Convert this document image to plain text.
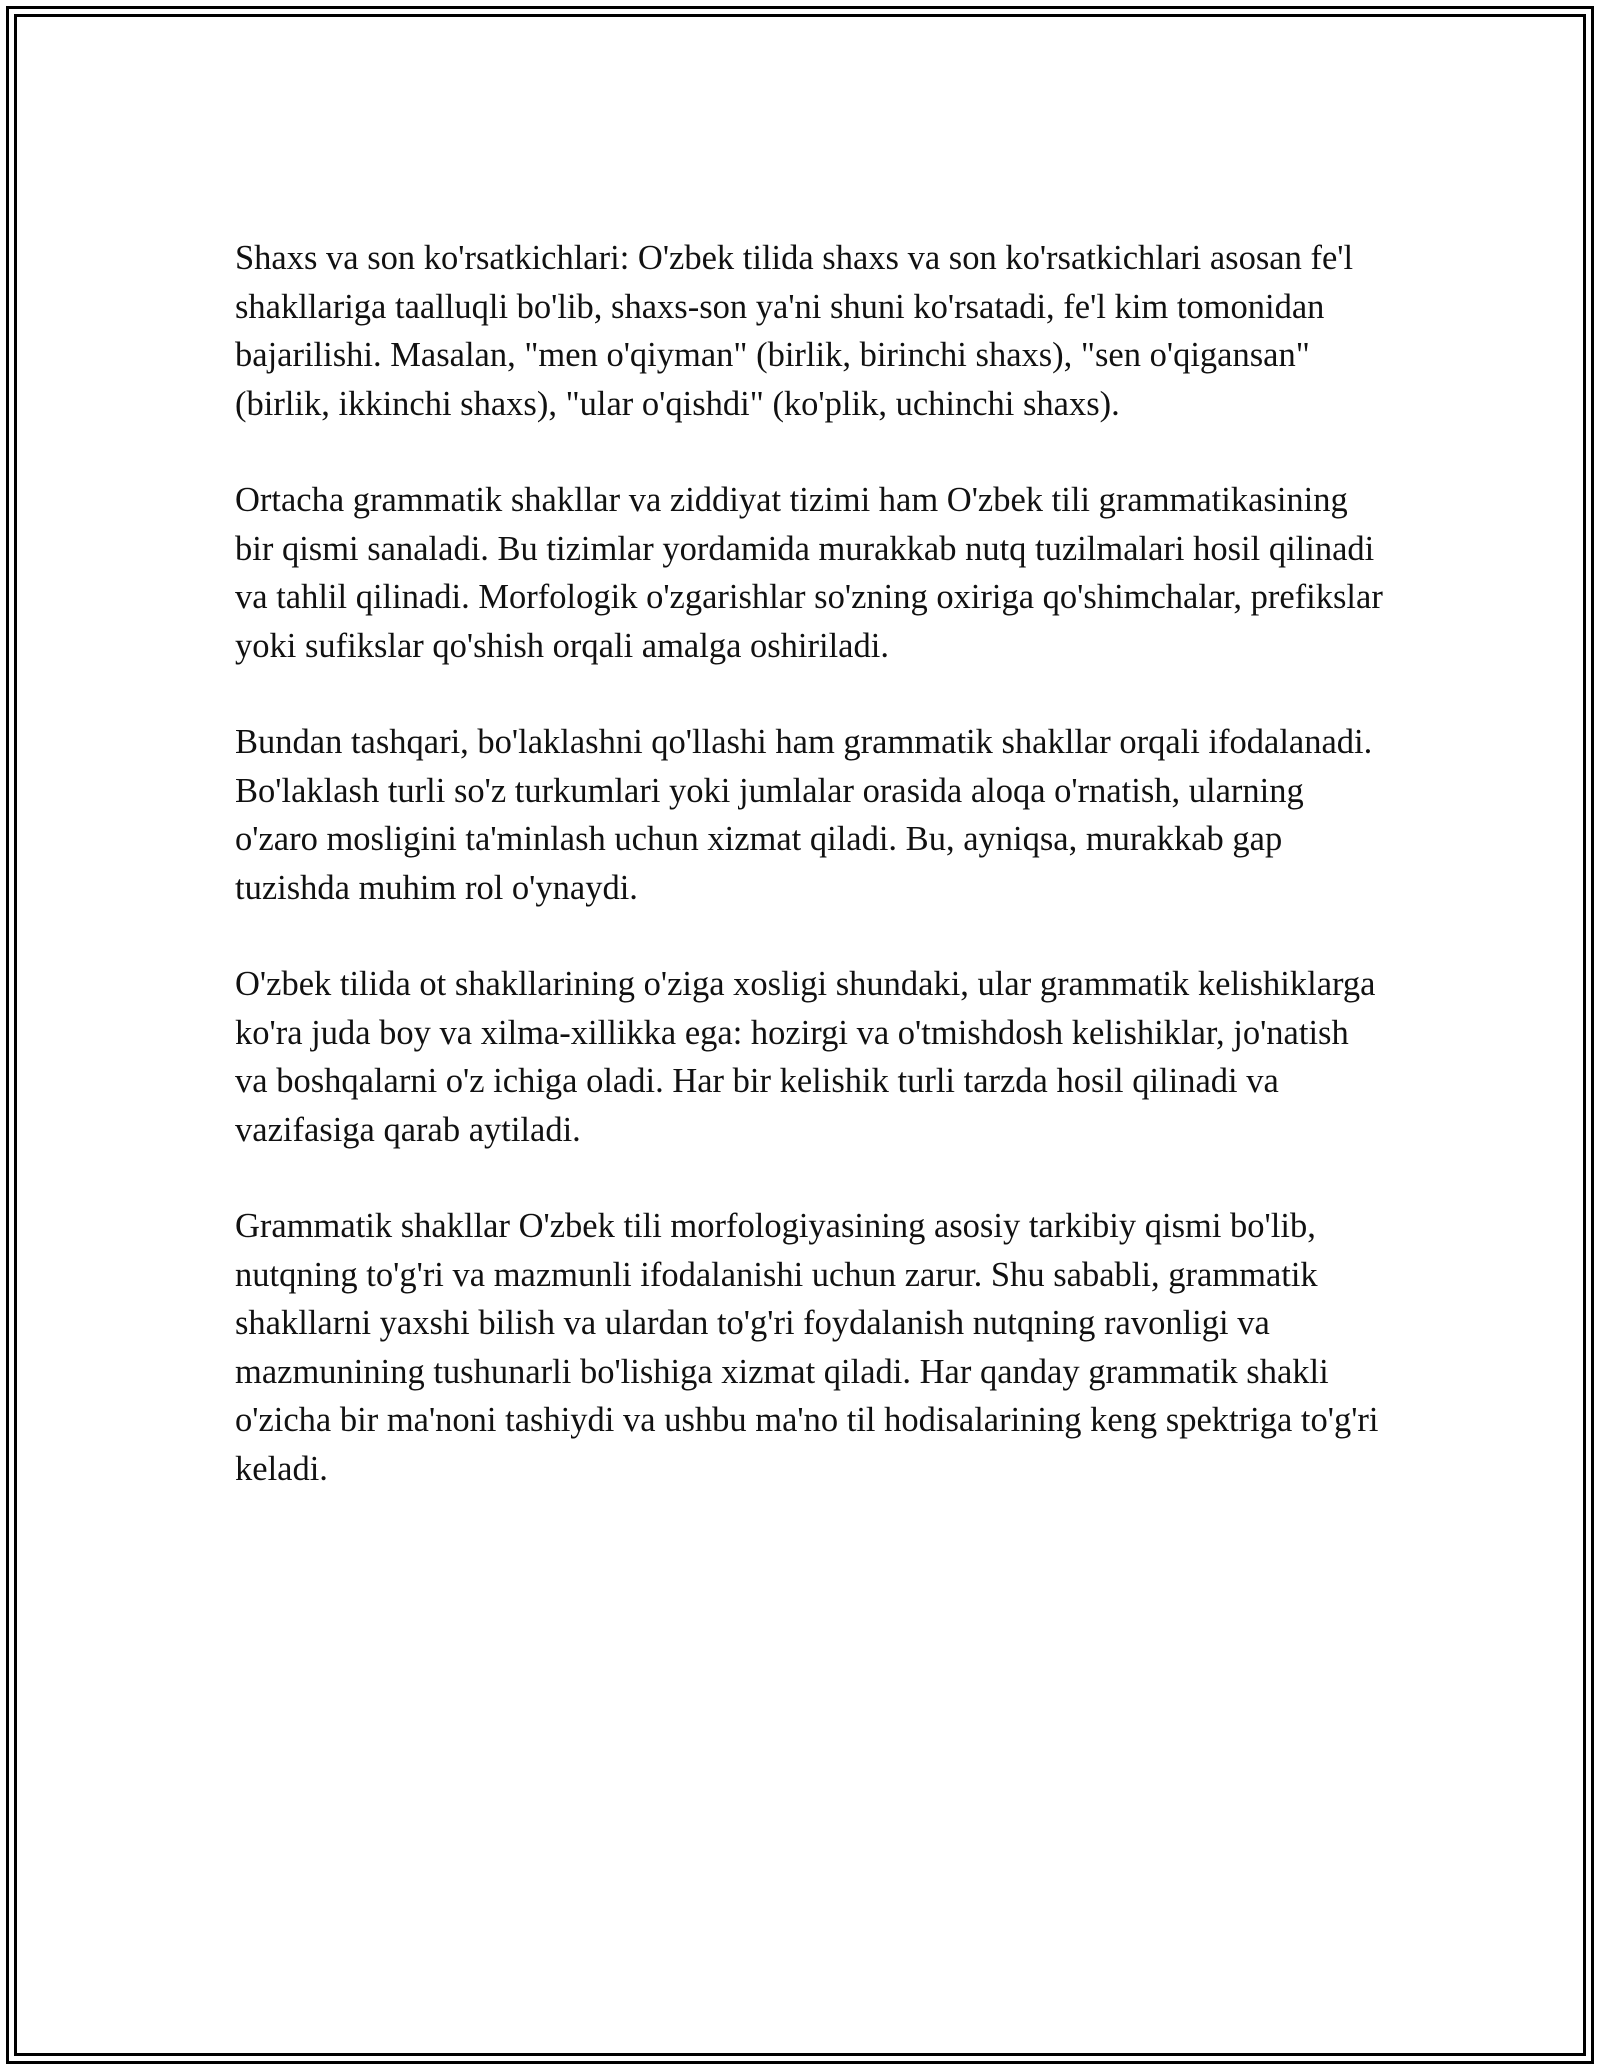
Shaxs va son ko'rsatkichlari: O'zbek tilida shaxs va son ko'rsatkichlari asosan fe'l shakllariga taalluqli bo'lib, shaxs-son ya'ni shuni ko'rsatadi, fe'l kim tomonidan bajarilishi. Masalan, "men o'qiyman" (birlik, birinchi shaxs), "sen o'qigansan" (birlik, ikkinchi shaxs), "ular o'qishdi" (ko'plik, uchinchi shaxs).

Ortacha grammatik shakllar va ziddiyat tizimi ham O'zbek tili grammatikasining bir qismi sanaladi. Bu tizimlar yordamida murakkab nutq tuzilmalari hosil qilinadi va tahlil qilinadi. Morfologik o'zgarishlar so'zning oxiriga qo'shimchalar, prefikslar yoki sufikslar qo'shish orqali amalga oshiriladi.

Bundan tashqari, bo'laklashni qo'llashi ham grammatik shakllar orqali ifodalanadi. Bo'laklash turli so'z turkumlari yoki jumlalar orasida aloqa o'rnatish, ularning o'zaro mosligini ta'minlash uchun xizmat qiladi. Bu, ayniqsa, murakkab gap tuzishda muhim rol o'ynaydi.

O'zbek tilida ot shakllarining o'ziga xosligi shundaki, ular grammatik kelishiklarga ko'ra juda boy va xilma-xillikka ega: hozirgi va o'tmishdosh kelishiklar, jo'natish va boshqalarni o'z ichiga oladi. Har bir kelishik turli tarzda hosil qilinadi va vazifasiga qarab aytiladi.

Grammatik shakllar O'zbek tili morfologiyasining asosiy tarkibiy qismi bo'lib, nutqning to'g'ri va mazmunli ifodalanishi uchun zarur. Shu sababli, grammatik shakllarni yaxshi bilish va ulardan to'g'ri foydalanish nutqning ravonligi va mazmunining tushunarli bo'lishiga xizmat qiladi. Har qanday grammatik shakli o'zicha bir ma'noni tashiydi va ushbu ma'no til hodisalarining keng spektriga to'g'ri keladi.
